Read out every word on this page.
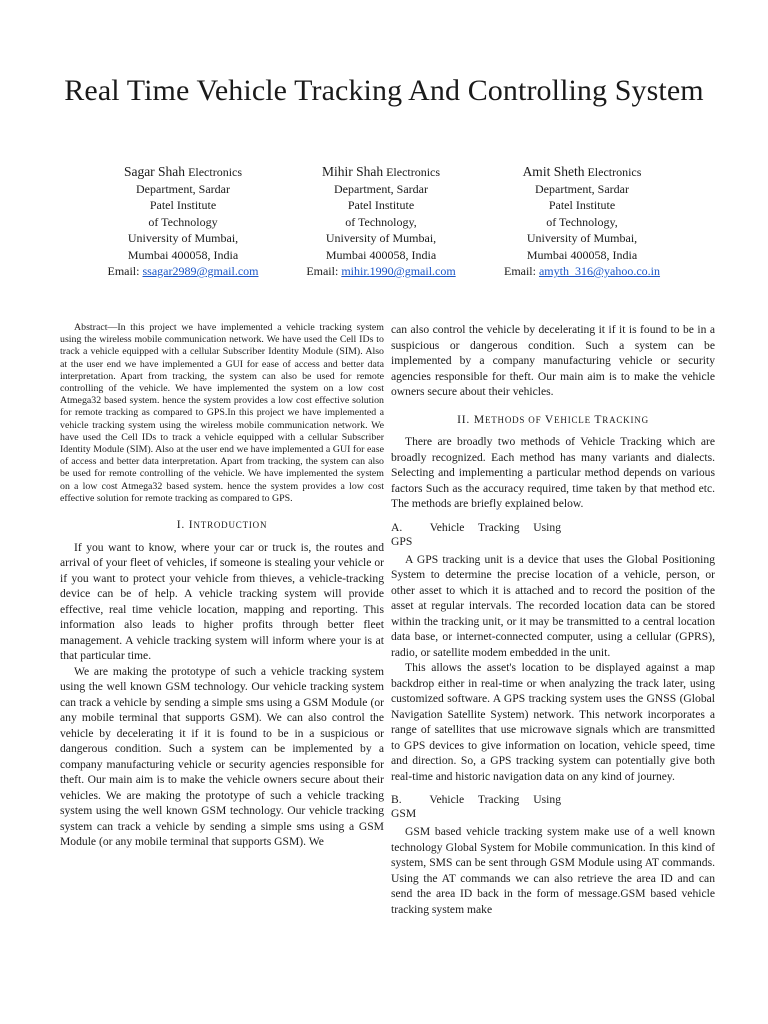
Real Time Vehicle Tracking And Controlling System
Sagar Shah Electronics
Department, Sardar
Patel Institute
of Technology
University of Mumbai,
Mumbai 400058, India
Email: ssagar2989@gmail.com
Mihir Shah Electronics
Department, Sardar
Patel Institute
of Technology,
University of Mumbai,
Mumbai 400058, India
Email: mihir.1990@gmail.com
Amit Sheth Electronics
Department, Sardar
Patel Institute
of Technology,
University of Mumbai,
Mumbai 400058, India
Email: amyth_316@yahoo.co.in

Abstract—In this project we have implemented a vehicle tracking system using the wireless mobile communication network. We have used the Cell IDs to track a vehicle equipped with a cellular Subscriber Identity Module (SIM). Also at the user end we have implemented a GUI for ease of access and better data interpretation. Apart from tracking, the system can also be used for remote controlling of the vehicle. We have implemented the system on a low cost Atmega32 based system. hence the system provides a low cost effective solution for remote tracking as compared to GPS.In this project we have implemented a vehicle tracking system using the wireless mobile communication network. We have used the Cell IDs to track a vehicle equipped with a cellular Subscriber Identity Module (SIM). Also at the user end we have implemented a GUI for ease of access and better data interpretation. Apart from tracking, the system can also be used for remote controlling of the vehicle. We have implemented the system on a low cost Atmega32 based system. hence the system provides a low cost effective solution for remote tracking as compared to GPS.

I. INTRODUCTION

If you want to know, where your car or truck is, the routes and arrival of your fleet of vehicles, if someone is stealing your vehicle or if you want to protect your vehicle from thieves, a vehicle-tracking device can be of help. A vehicle tracking system will provide effective, real time vehicle location, mapping and reporting. This information also leads to higher profits through better fleet management. A vehicle tracking system will inform where your is at that particular time.

We are making the prototype of such a vehicle tracking system using the well known GSM technology. Our vehicle tracking system can track a vehicle by sending a simple sms using a GSM Module (or any mobile terminal that supports GSM). We can also control the vehicle by decelerating it if it is found to be in a suspicious or dangerous condition. Such a system can be implemented by a company manufacturing vehicle or security agencies responsible for theft. Our main aim is to make the vehicle owners secure about their vehicles. We are making the prototype of such a vehicle tracking system using the well known GSM technology. Our vehicle tracking system can track a vehicle by sending a simple sms using a GSM Module (or any mobile terminal that supports GSM). We

can also control the vehicle by decelerating it if it is found to be in a suspicious or dangerous condition. Such a system can be implemented by a company manufacturing vehicle or security agencies responsible for theft. Our main aim is to make the vehicle owners secure about their vehicles.

II. METHODS OF VEHICLE TRACKING

There are broadly two methods of Vehicle Tracking which are broadly recognized. Each method has many variants and dialects. Selecting and implementing a particular method depends on various factors Such as the accuracy required, time taken by that method etc. The methods are briefly explained below.

A. Vehicle Tracking Using
GPS

A GPS tracking unit is a device that uses the Global Positioning System to determine the precise location of a vehicle, person, or other asset to which it is attached and to record the position of the asset at regular intervals. The recorded location data can be stored within the tracking unit, or it may be transmitted to a central location data base, or internet-connected computer, using a cellular (GPRS), radio, or satellite modem embedded in the unit.

This allows the asset's location to be displayed against a map backdrop either in real-time or when analyzing the track later, using customized software. A GPS tracking system uses the GNSS (Global Navigation Satellite System) network. This network incorporates a range of satellites that use microwave signals which are transmitted to GPS devices to give information on location, vehicle speed, time and direction. So, a GPS tracking system can potentially give both real-time and historic navigation data on any kind of journey.

B. Vehicle Tracking Using
GSM

GSM based vehicle tracking system make use of a well known technology Global System for Mobile communication. In this kind of system, SMS can be sent through GSM Module using AT commands. Using the AT commands we can also retrieve the area ID and can send the area ID back in the form of message.GSM based vehicle tracking system make
